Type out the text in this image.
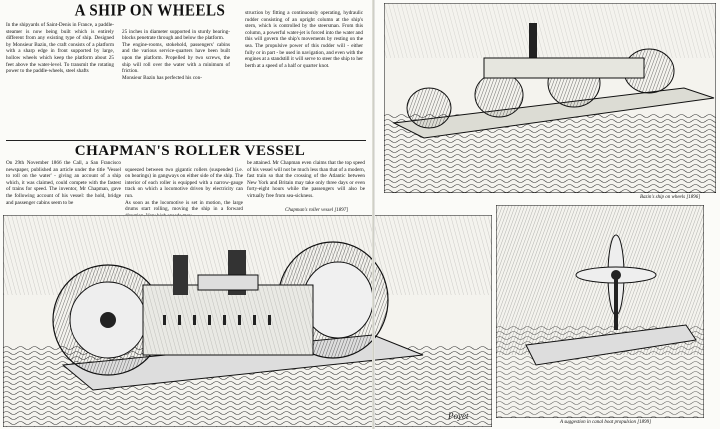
A SHIP ON WHEELS

In the shipyards of Saint-Denis in France, a paddle-steamer is now being built which is entirely different from any existing type of ship. Designed by Monsieur Bazin, the craft consists of a platform with a sharp edge in front supported by large, hollow wheels which keep the platform about 25 feet above the water-level. To transmit the rotating power to the paddle-wheels, steel shafts

25 inches in diameter supported in sturdy bearing-blocks penetrate through and below the platform.
The engine-rooms, stokehold, passengers' cabins and the various service-quarters have been built upon the platform. Propelled by two screws, the ship will roll over the water with a minimum of friction.
Monsieur Bazin has perfected his con-

struction by fitting a continuously operating, hydraulic rudder consisting of an upright column at the ship's stern, which is controlled by the steersman. From this column, a powerful water-jet is forced into the water and this will govern the ship's movements by resting on the sea. The propulsive power of this rudder will - either fully or in part - be used in navigation, and even with the engines at a standstill it will serve to steer the ship to her berth at a speed of a half or quarter knot.

CHAPMAN'S ROLLER VESSEL

On 29th November 1866 the Call, a San Francisco newspaper, published an article under the title 'Vessel to roll on the water' - giving an account of a ship which, it was claimed, could compete with the fastest of trains for speed. The inventor, Mr Chapman, gave the following account of his vessel: the hold, bridge and passenger cabins seem to be

squeezed between two gigantic rollers (suspended (i.e. on bearings) in gangways on either side of the ship. The interior of each roller is equipped with a narrow-gauge track on which a locomotive driven by electricity can run.
As soon as the locomotive is set in motion, the large drums start rolling, moving the ship in a forward

be attained. Mr Chapman even claims that the top speed of his vessel will not be much less than that of a modern, fast train so that the crossing of the Atlantic between New York and Britain may take only three days or even forty-eight hours while the passengers will also be virtually free from sea-sickness.

Chapman's roller vessel [1897]
Poyet
Bazin's ship on wheels [1896]
A suggestion in canal boat propulsion [1899]
